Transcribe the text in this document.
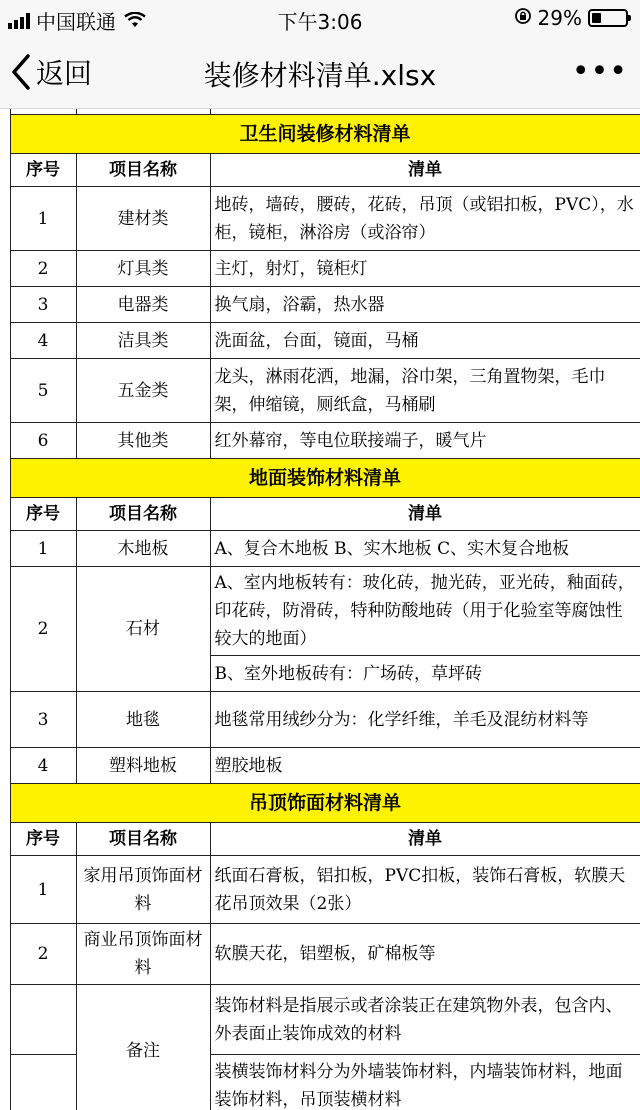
中国联通	下午3:06	29%
返回	装修材料清单.xlsx	•••

	卫生间装修材料清单		
	序号	项目名称	清单
	1	建材类	地砖，墙砖，腰砖，花砖，吊顶（或铝扣板，PVC），水柜，镜柜，淋浴房（或浴帘）
	2	灯具类	主灯，射灯，镜柜灯
	3	电器类	换气扇，浴霸，热水器
	4	洁具类	洗面盆，台面，镜面，马桶
	5	五金类	龙头，淋雨花洒，地漏，浴巾架，三角置物架，毛巾架，伸缩镜，厕纸盒，马桶刷
	6	其他类	红外幕帘，等电位联接端子，暖气片
	地面装饰材料清单		
	序号	项目名称	清单
	1	木地板	A、复合木地板 B、实木地板 C、实木复合地板
	2	石材	A、室内地板转有：玻化砖，抛光砖，亚光砖，釉面砖，印花砖，防滑砖，特种防酸地砖（用于化验室等腐蚀性较大的地面）
			B、室外地板砖有：广场砖，草坪砖
	3	地毯	地毯常用绒纱分为：化学纤维，羊毛及混纺材料等
	4	塑料地板	塑胶地板
	吊顶饰面材料清单		
	序号	项目名称	清单
	1	家用吊顶饰面材料	纸面石膏板，铝扣板，PVC扣板，装饰石膏板，软膜天花吊顶效果（2张）
	2	商业吊顶饰面材料	软膜天花，铝塑板，矿棉板等
		备注	装饰材料是指展示或者涂装正在建筑物外表，包含内、外表面止装饰成效的材料
			装横装饰材料分为外墙装饰材料，内墙装饰材料，地面装饰材料，吊顶装横材料
